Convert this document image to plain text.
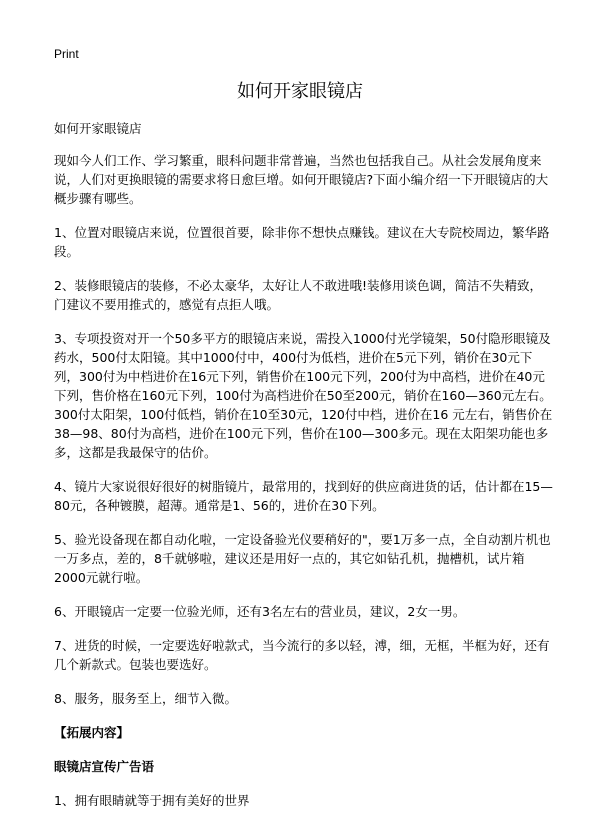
Print
如何开家眼镜店

如何开家眼镜店

现如今人们工作、学习繁重，眼科问题非常普遍，当然也包括我自己。从社会发展角度来说，人们对更换眼镜的需要求将日愈巨增。如何开眼镜店?下面小编介绍一下开眼镜店的大概步骤有哪些。

1、位置对眼镜店来说，位置很首要，除非你不想快点赚钱。建议在大专院校周边，繁华路段。

2、装修眼镜店的装修，不必太豪华，太好让人不敢进哦!装修用谈色调，简洁不失精致，门建议不要用推式的，感觉有点拒人哦。

3、专项投资对开一个50多平方的眼镜店来说，需投入1000付光学镜架，50付隐形眼镜及药水，500付太阳镜。其中1000付中，400付为低档，进价在5元下列，销价在30元下列，300付为中档进价在16元下列，销售价在100元下列，200付为中高档，进价在40元下列，售价格在160元下列，100付为高档进价在50至200元，销价在160—360元左右。300付太阳架，100付低档，销价在10至30元，120付中档，进价在16 元左右，销售价在38—98、80付为高档，进价在100元下列，售价在100—300多元。现在太阳架功能也多多，这都是我最保守的估价。

4、镜片大家说很好很好的树脂镜片，最常用的，找到好的供应商进货的话，估计都在15—80元，各种镀膜，超薄。通常是1、56的，进价在30下列。

5、验光设备现在都自动化啦，一定设备验光仪要稍好的"，要1万多一点，全自动割片机也一万多点，差的，8千就够啦，建议还是用好一点的，其它如钻孔机，抛槽机，试片箱2000元就行啦。

6、开眼镜店一定要一位验光师，还有3名左右的营业员，建议，2女一男。

7、进货的时候，一定要选好啦款式，当今流行的多以轻，溥，细，无框，半框为好，还有几个新款式。包装也要选好。

8、服务，服务至上，细节入微。

【拓展内容】

眼镜店宣传广告语

1、拥有眼睛就等于拥有美好的世界
